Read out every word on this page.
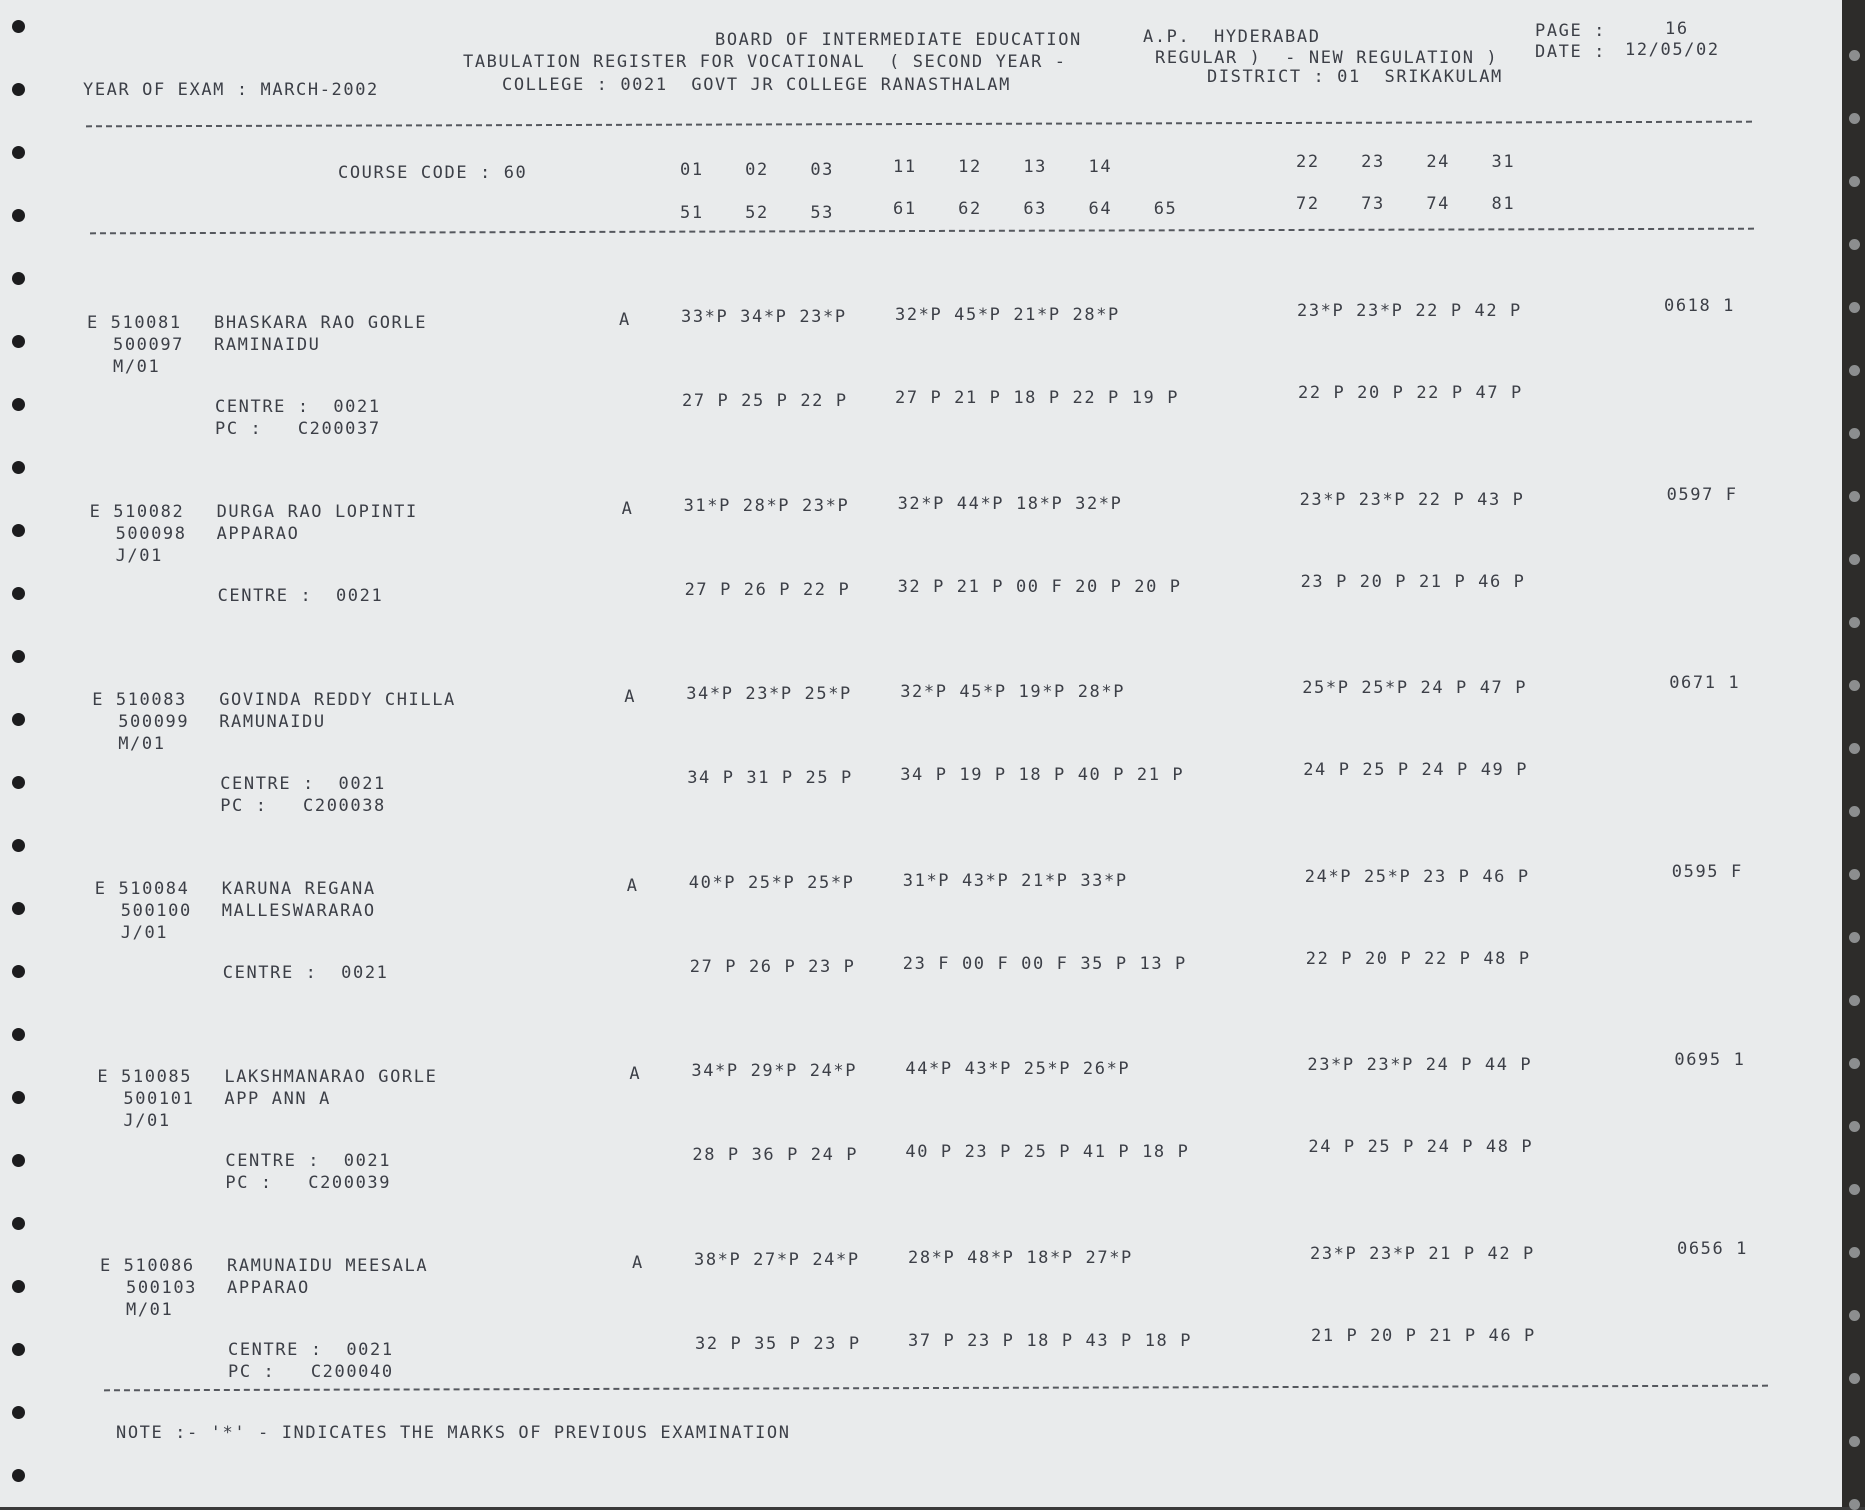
BOARD OF INTERMEDIATE EDUCATION	A.P.  HYDERABAD	PAGE :	16
TABULATION REGISTER FOR VOCATIONAL  ( SECOND YEAR -	REGULAR )  - NEW REGULATION ) DATE : 12/05/02
YEAR OF EXAM : MARCH-2002	COLLEGE : 0021  GOVT JR COLLEGE RANASTHALAM	DISTRICT : 01  SRIKAKULAM
COURSE CODE : 60	01   02   03	11   12   13   14	22   23   24   31
51   52   53	61   62   63   64   65	72   73   74   81
E 510081 BHASKARA RAO GORLE
500097 RAMINAIDU
M/01
A	33*P 34*P 23*P	32*P 45*P 21*P 28*P	23*P 23*P 22 P 42 P	0618 1
CENTRE :  0021
PC :   C200037
27 P 25 P 22 P	27 P 21 P 18 P 22 P 19 P	22 P 20 P 22 P 47 P
E 510082 DURGA RAO LOPINTI
500098 APPARAO
J/01
A	31*P 28*P 23*P	32*P 44*P 18*P 32*P	23*P 23*P 22 P 43 P	0597 F
CENTRE :  0021	27 P 26 P 22 P	32 P 21 P 00 F 20 P 20 P	23 P 20 P 21 P 46 P
E 510083 GOVINDA REDDY CHILLA
500099 RAMUNAIDU
M/01
A	34*P 23*P 25*P	32*P 45*P 19*P 28*P	25*P 25*P 24 P 47 P	0671 1
CENTRE :  0021
PC :   C200038
34 P 31 P 25 P	34 P 19 P 18 P 40 P 21 P	24 P 25 P 24 P 49 P
E 510084 KARUNA REGANA
500100 MALLESWARARAO
J/01
A	40*P 25*P 25*P	31*P 43*P 21*P 33*P	24*P 25*P 23 P 46 P	0595 F
CENTRE :  0021	27 P 26 P 23 P	23 F 00 F 00 F 35 P 13 P	22 P 20 P 22 P 48 P
E 510085 LAKSHMANARAO GORLE
500101 APP ANN A
J/01
A	34*P 29*P 24*P	44*P 43*P 25*P 26*P	23*P 23*P 24 P 44 P	0695 1
CENTRE :  0021
PC :   C200039
28 P 36 P 24 P	40 P 23 P 25 P 41 P 18 P	24 P 25 P 24 P 48 P
E 510086 RAMUNAIDU MEESALA
500103 APPARAO
M/01
A	38*P 27*P 24*P	28*P 48*P 18*P 27*P	23*P 23*P 21 P 42 P	0656 1
CENTRE :  0021
PC :   C200040
32 P 35 P 23 P	37 P 23 P 18 P 43 P 18 P	21 P 20 P 21 P 46 P
NOTE :- '*' - INDICATES THE MARKS OF PREVIOUS EXAMINATION
